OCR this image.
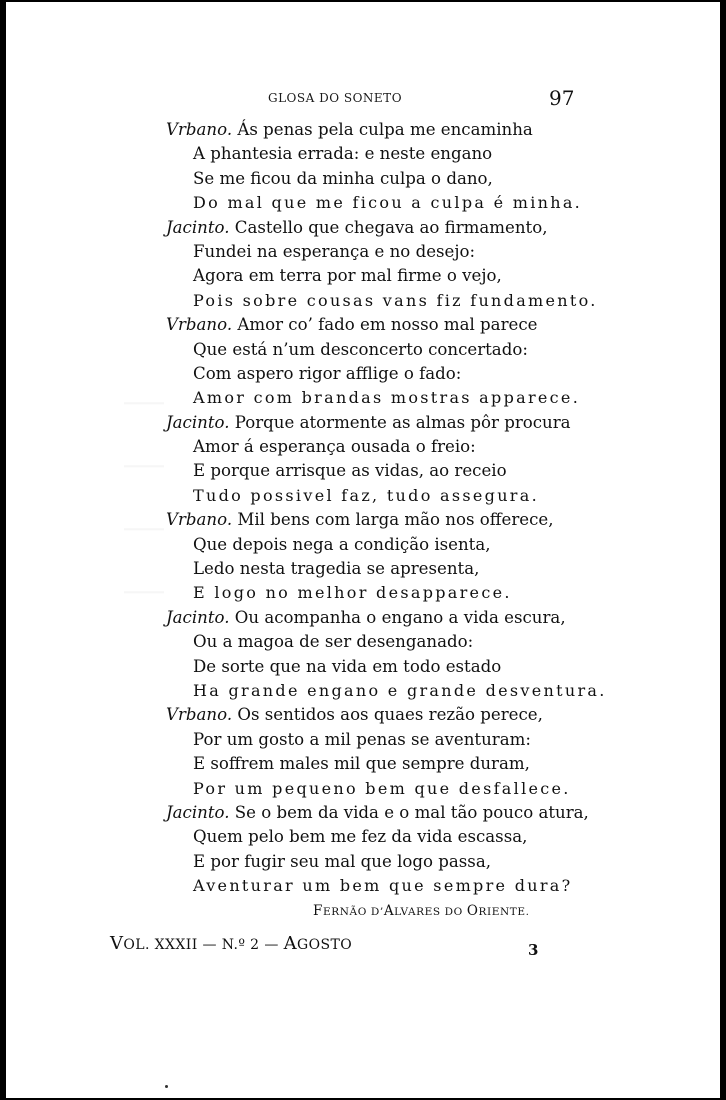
GLOSA DO SONETO	97
Vrbano. Ás penas pela culpa me encaminha
A phantesia errada: e neste engano
Se me ficou da minha culpa o dano,
Do mal que me ficou a culpa é minha.
Jacinto. Castello que chegava ao firmamento,
Fundei na esperança e no desejo:
Agora em terra por mal firme o vejo,
Pois sobre cousas vans fiz fundamento.
Vrbano. Amor co’ fado em nosso mal parece
Que está n’um desconcerto concertado:
Com aspero rigor afflige o fado:
Amor com brandas mostras apparece.
Jacinto. Porque atormente as almas pôr procura
Amor á esperança ousada o freio:
E porque arrisque as vidas, ao receio
Tudo possivel faz, tudo assegura.
Vrbano. Mil bens com larga mão nos offerece,
Que depois nega a condição isenta,
Ledo nesta tragedia se apresenta,
E logo no melhor desapparece.
Jacinto. Ou acompanha o engano a vida escura,
Ou a magoa de ser desenganado:
De sorte que na vida em todo estado
Ha grande engano e grande desventura.
Vrbano. Os sentidos aos quaes rezão perece,
Por um gosto a mil penas se aventuram:
E soffrem males mil que sempre duram,
Por um pequeno bem que desfallece.
Jacinto. Se o bem da vida e o mal tão pouco atura,
Quem pelo bem me fez da vida escassa,
E por fugir seu mal que logo passa,
Aventurar um bem que sempre dura?
FERNÃO D’ALVARES DO ORIENTE.
VOL. XXXII — N.º 2 — AGOSTO	3
